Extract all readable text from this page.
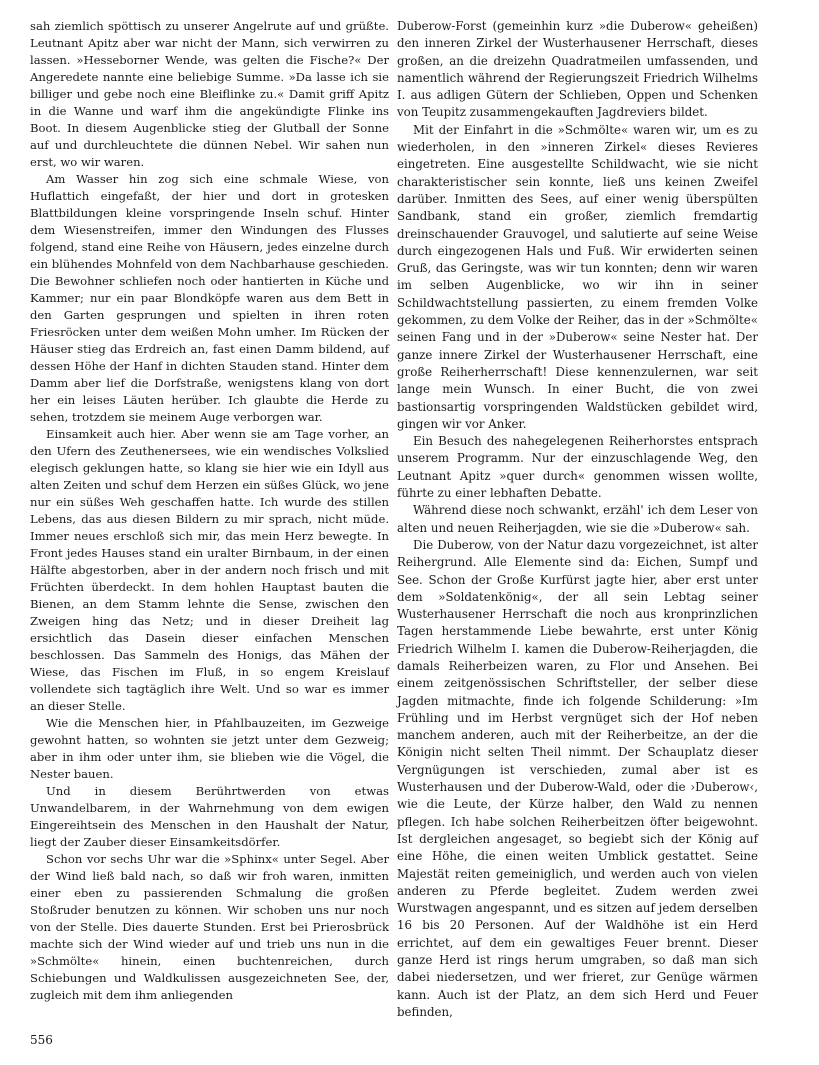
sah ziemlich spöttisch zu unserer Angelrute auf und grüßte. Leutnant Apitz aber war nicht der Mann, sich verwirren zu lassen. »Hesseborner Wende, was gelten die Fische?« Der Angeredete nannte eine beliebige Summe. »Da lasse ich sie billiger und gebe noch eine Bleiflinke zu.« Damit griff Apitz in die Wanne und warf ihm die angekündigte Flinke ins Boot. In diesem Augenblicke stieg der Glutball der Sonne auf und durchleuchtete die dünnen Nebel. Wir sahen nun erst, wo wir waren.

Am Wasser hin zog sich eine schmale Wiese, von Huflattich eingefaßt, der hier und dort in grotesken Blattbildungen kleine vorspringende Inseln schuf. Hinter dem Wiesenstreifen, immer den Windungen des Flusses folgend, stand eine Reihe von Häusern, jedes einzelne durch ein blühendes Mohnfeld von dem Nachbarhause geschieden. Die Bewohner schliefen noch oder hantierten in Küche und Kammer; nur ein paar Blondköpfe waren aus dem Bett in den Garten gesprungen und spielten in ihren roten Friesröcken unter dem weißen Mohn umher. Im Rücken der Häuser stieg das Erdreich an, fast einen Damm bildend, auf dessen Höhe der Hanf in dichten Stauden stand. Hinter dem Damm aber lief die Dorfstraße, wenigstens klang von dort her ein leises Läuten herüber. Ich glaubte die Herde zu sehen, trotzdem sie meinem Auge verborgen war.

Einsamkeit auch hier. Aber wenn sie am Tage vorher, an den Ufern des Zeuthenersees, wie ein wendisches Volkslied elegisch geklungen hatte, so klang sie hier wie ein Idyll aus alten Zeiten und schuf dem Herzen ein süßes Glück, wo jene nur ein süßes Weh geschaffen hatte. Ich wurde des stillen Lebens, das aus diesen Bildern zu mir sprach, nicht müde. Immer neues erschloß sich mir, das mein Herz bewegte. In Front jedes Hauses stand ein uralter Birnbaum, in der einen Hälfte abgestorben, aber in der andern noch frisch und mit Früchten überdeckt. In dem hohlen Hauptast bauten die Bienen, an dem Stamm lehnte die Sense, zwischen den Zweigen hing das Netz; und in dieser Dreiheit lag ersichtlich das Dasein dieser einfachen Menschen beschlossen. Das Sammeln des Honigs, das Mähen der Wiese, das Fischen im Fluß, in so engem Kreislauf vollendete sich tagtäglich ihre Welt. Und so war es immer an dieser Stelle.

Wie die Menschen hier, in Pfahlbauzeiten, im Gezweige gewohnt hatten, so wohnten sie jetzt unter dem Gezweig; aber in ihm oder unter ihm, sie blieben wie die Vögel, die Nester bauen.

Und in diesem Berührtwerden von etwas Unwandelbarem, in der Wahrnehmung von dem ewigen Eingereihtsein des Menschen in den Haushalt der Natur, liegt der Zauber dieser Einsamkeitsdörfer.

Schon vor sechs Uhr war die »Sphinx« unter Segel. Aber der Wind ließ bald nach, so daß wir froh waren, inmitten einer eben zu passierenden Schmalung die großen Stoßruder benutzen zu können. Wir schoben uns nur noch von der Stelle. Dies dauerte Stunden. Erst bei Prierosbrück machte sich der Wind wieder auf und trieb uns nun in die »Schmölte« hinein, einen buchtenreichen, durch Schiebungen und Waldkulissen ausgezeichneten See, der, zugleich mit dem ihm anliegenden

Duberow-Forst (gemeinhin kurz »die Duberow« geheißen) den inneren Zirkel der Wusterhausener Herrschaft, dieses großen, an die dreizehn Quadratmeilen umfassenden, und namentlich während der Regierungszeit Friedrich Wilhelms I. aus adligen Gütern der Schlieben, Oppen und Schenken von Teupitz zusammengekauften Jagdreviers bildet.

Mit der Einfahrt in die »Schmölte« waren wir, um es zu wiederholen, in den »inneren Zirkel« dieses Revieres eingetreten. Eine ausgestellte Schildwacht, wie sie nicht charakteristischer sein konnte, ließ uns keinen Zweifel darüber. Inmitten des Sees, auf einer wenig überspülten Sandbank, stand ein großer, ziemlich fremdartig dreinschauender Grauvogel, und salutierte auf seine Weise durch eingezogenen Hals und Fuß. Wir erwiderten seinen Gruß, das Geringste, was wir tun konnten; denn wir waren im selben Augenblicke, wo wir ihn in seiner Schildwachtstellung passierten, zu einem fremden Volke gekommen, zu dem Volke der Reiher, das in der »Schmölte« seinen Fang und in der »Duberow« seine Nester hat. Der ganze innere Zirkel der Wusterhausener Herrschaft, eine große Reiherherrschaft! Diese kennenzulernen, war seit lange mein Wunsch. In einer Bucht, die von zwei bastionsartig vorspringenden Waldstücken gebildet wird, gingen wir vor Anker.

Ein Besuch des nahegelegenen Reiherhorstes entsprach unserem Programm. Nur der einzuschlagende Weg, den Leutnant Apitz »quer durch« genommen wissen wollte, führte zu einer lebhaften Debatte.

Während diese noch schwankt, erzähl' ich dem Leser von alten und neuen Reiherjagden, wie sie die »Duberow« sah.

Die Duberow, von der Natur dazu vorgezeichnet, ist alter Reihergrund. Alle Elemente sind da: Eichen, Sumpf und See. Schon der Große Kurfürst jagte hier, aber erst unter dem »Soldatenkönig«, der all sein Lebtag seiner Wusterhausener Herrschaft die noch aus kronprinzlichen Tagen herstammende Liebe bewahrte, erst unter König Friedrich Wilhelm I. kamen die Duberow-Reiherjagden, die damals Reiherbeizen waren, zu Flor und Ansehen. Bei einem zeitgenössischen Schriftsteller, der selber diese Jagden mitmachte, finde ich folgende Schilderung: »Im Frühling und im Herbst vergnüget sich der Hof neben manchem anderen, auch mit der Reiherbeitze, an der die Königin nicht selten Theil nimmt. Der Schauplatz dieser Vergnügungen ist verschieden, zumal aber ist es Wusterhausen und der Duberow-Wald, oder die ›Duberow‹, wie die Leute, der Kürze halber, den Wald zu nennen pflegen. Ich habe solchen Reiherbeitzen öfter beigewohnt. Ist dergleichen angesaget, so begiebt sich der König auf eine Höhe, die einen weiten Umblick gestattet. Seine Majestät reiten gemeiniglich, und werden auch von vielen anderen zu Pferde begleitet. Zudem werden zwei Wurstwagen angespannt, und es sitzen auf jedem derselben 16 bis 20 Personen. Auf der Waldhöhe ist ein Herd errichtet, auf dem ein gewaltiges Feuer brennt. Dieser ganze Herd ist rings herum umgraben, so daß man sich dabei niedersetzen, und wer frieret, zur Genüge wärmen kann. Auch ist der Platz, an dem sich Herd und Feuer befinden,

556
